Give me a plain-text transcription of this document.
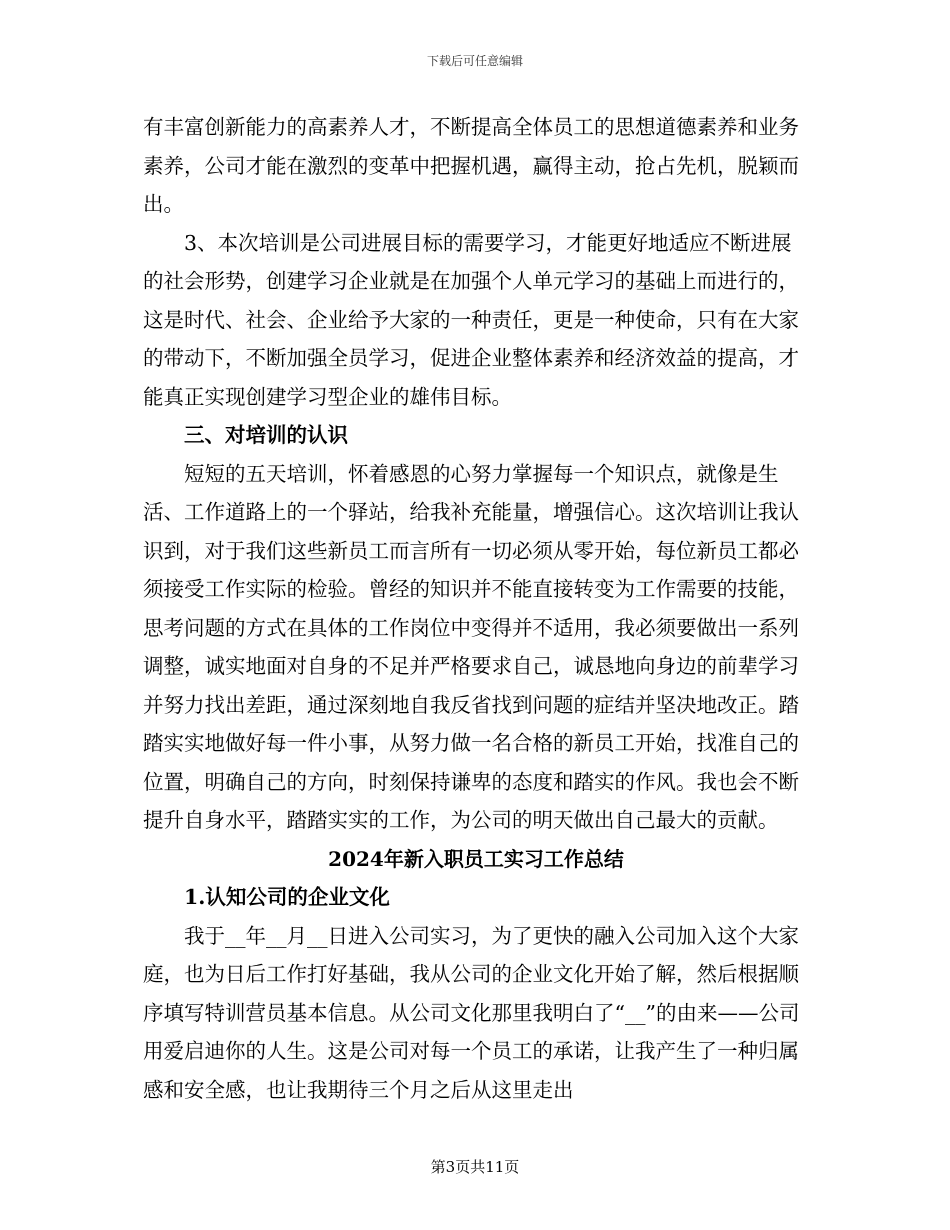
下载后可任意编辑

有丰富创新能力的高素养人才，不断提高全体员工的思想道德素养和业务素养，公司才能在激烈的变革中把握机遇，赢得主动，抢占先机，脱颖而出。

3、本次培训是公司进展目标的需要学习，才能更好地适应不断进展的社会形势，创建学习企业就是在加强个人单元学习的基础上而进行的，这是时代、社会、企业给予大家的一种责任，更是一种使命，只有在大家的带动下，不断加强全员学习，促进企业整体素养和经济效益的提高，才能真正实现创建学习型企业的雄伟目标。

三、对培训的认识

短短的五天培训，怀着感恩的心努力掌握每一个知识点，就像是生活、工作道路上的一个驿站，给我补充能量，增强信心。这次培训让我认识到，对于我们这些新员工而言所有一切必须从零开始，每位新员工都必须接受工作实际的检验。曾经的知识并不能直接转变为工作需要的技能，思考问题的方式在具体的工作岗位中变得并不适用，我必须要做出一系列调整，诚实地面对自身的不足并严格要求自己，诚恳地向身边的前辈学习并努力找出差距，通过深刻地自我反省找到问题的症结并坚决地改正。踏踏实实地做好每一件小事，从努力做一名合格的新员工开始，找准自己的位置，明确自己的方向，时刻保持谦卑的态度和踏实的作风。我也会不断提升自身水平，踏踏实实的工作，为公司的明天做出自己最大的贡献。

2024年新入职员工实习工作总结

1.认知公司的企业文化

我于__年__月__日进入公司实习，为了更快的融入公司加入这个大家庭，也为日后工作打好基础，我从公司的企业文化开始了解，然后根据顺序填写特训营员基本信息。从公司文化那里我明白了“__”的由来——公司用爱启迪你的人生。这是公司对每一个员工的承诺，让我产生了一种归属感和安全感，也让我期待三个月之后从这里走出

第3页共11页
